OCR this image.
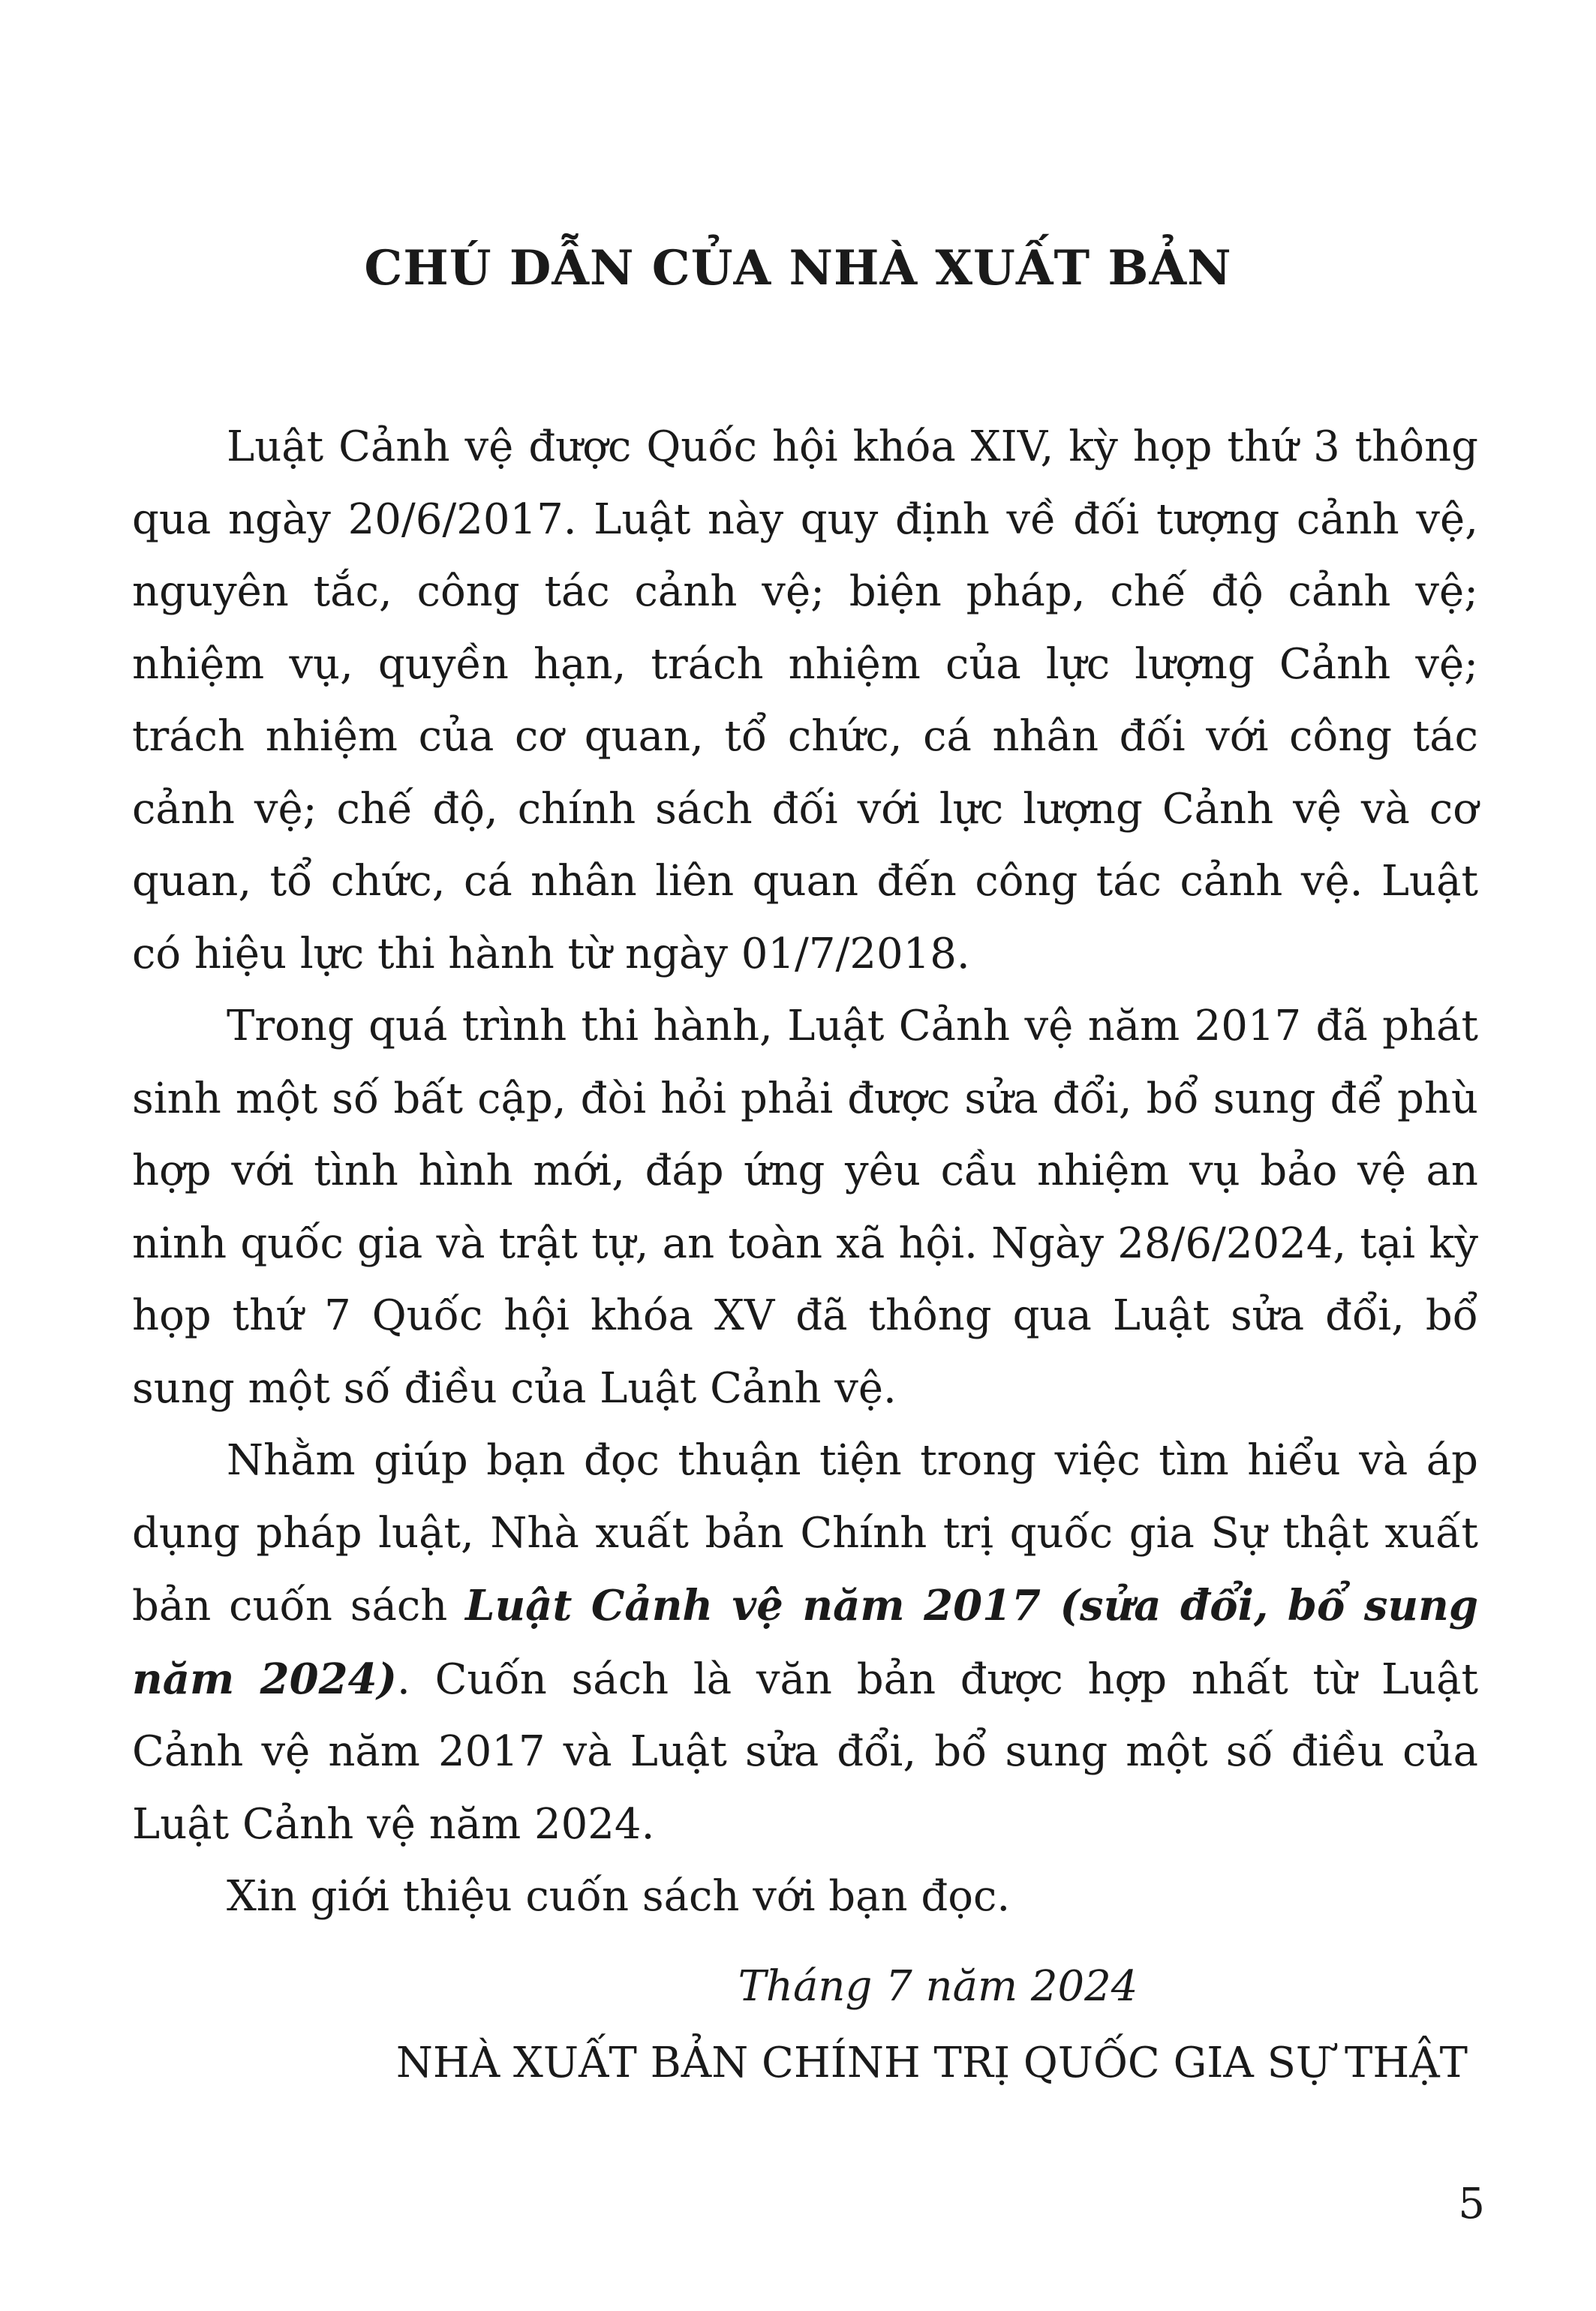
CHÚ DẪN CỦA NHÀ XUẤT BẢN

Luật Cảnh vệ được Quốc hội khóa XIV, kỳ họp thứ 3 thông qua ngày 20/6/2017. Luật này quy định về đối tượng cảnh vệ, nguyên tắc, công tác cảnh vệ; biện pháp, chế độ cảnh vệ; nhiệm vụ, quyền hạn, trách nhiệm của lực lượng Cảnh vệ; trách nhiệm của cơ quan, tổ chức, cá nhân đối với công tác cảnh vệ; chế độ, chính sách đối với lực lượng Cảnh vệ và cơ quan, tổ chức, cá nhân liên quan đến công tác cảnh vệ. Luật có hiệu lực thi hành từ ngày 01/7/2018.

Trong quá trình thi hành, Luật Cảnh vệ năm 2017 đã phát sinh một số bất cập, đòi hỏi phải được sửa đổi, bổ sung để phù hợp với tình hình mới, đáp ứng yêu cầu nhiệm vụ bảo vệ an ninh quốc gia và trật tự, an toàn xã hội. Ngày 28/6/2024, tại kỳ họp thứ 7 Quốc hội khóa XV đã thông qua Luật sửa đổi, bổ sung một số điều của Luật Cảnh vệ.

Nhằm giúp bạn đọc thuận tiện trong việc tìm hiểu và áp dụng pháp luật, Nhà xuất bản Chính trị quốc gia Sự thật xuất bản cuốn sách Luật Cảnh vệ năm 2017 (sửa đổi, bổ sung năm 2024). Cuốn sách là văn bản được hợp nhất từ Luật Cảnh vệ năm 2017 và Luật sửa đổi, bổ sung một số điều của Luật Cảnh vệ năm 2024.

Xin giới thiệu cuốn sách với bạn đọc.

Tháng 7 năm 2024

NHÀ XUẤT BẢN CHÍNH TRỊ QUỐC GIA SỰ THẬT

5
